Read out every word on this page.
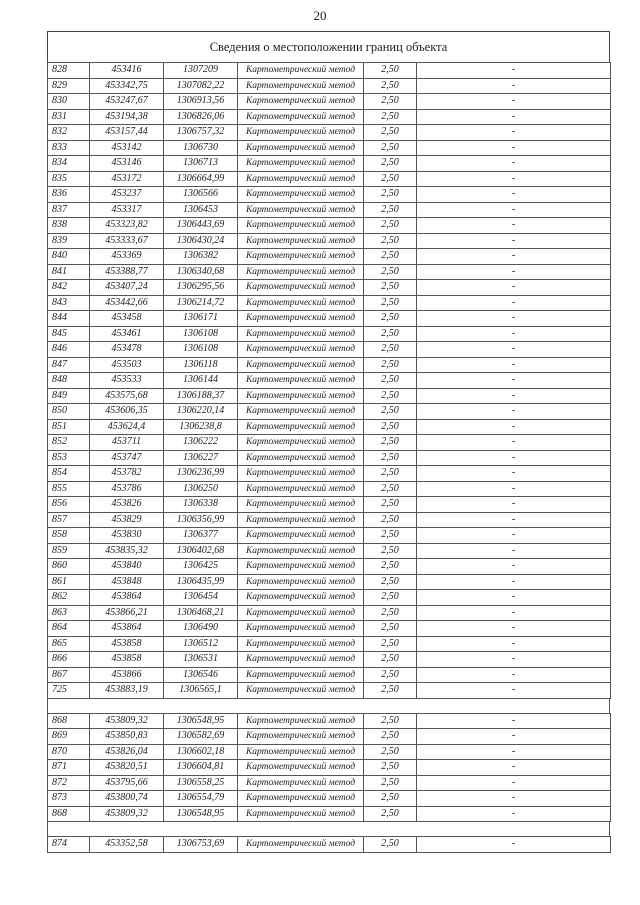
20
Сведения о местоположении границ объекта
828	453416	1307209	Картометрический метод	2,50	-
829	453342,75	1307082,22	Картометрический метод	2,50	-
830	453247,67	1306913,56	Картометрический метод	2,50	-
831	453194,38	1306826,06	Картометрический метод	2,50	-
832	453157,44	1306757,32	Картометрический метод	2,50	-
833	453142	1306730	Картометрический метод	2,50	-
834	453146	1306713	Картометрический метод	2,50	-
835	453172	1306664,99	Картометрический метод	2,50	-
836	453237	1306566	Картометрический метод	2,50	-
837	453317	1306453	Картометрический метод	2,50	-
838	453323,82	1306443,69	Картометрический метод	2,50	-
839	453333,67	1306430,24	Картометрический метод	2,50	-
840	453369	1306382	Картометрический метод	2,50	-
841	453388,77	1306340,68	Картометрический метод	2,50	-
842	453407,24	1306295,56	Картометрический метод	2,50	-
843	453442,66	1306214,72	Картометрический метод	2,50	-
844	453458	1306171	Картометрический метод	2,50	-
845	453461	1306108	Картометрический метод	2,50	-
846	453478	1306108	Картометрический метод	2,50	-
847	453503	1306118	Картометрический метод	2,50	-
848	453533	1306144	Картометрический метод	2,50	-
849	453575,68	1306188,37	Картометрический метод	2,50	-
850	453606,35	1306220,14	Картометрический метод	2,50	-
851	453624,4	1306238,8	Картометрический метод	2,50	-
852	453711	1306222	Картометрический метод	2,50	-
853	453747	1306227	Картометрический метод	2,50	-
854	453782	1306236,99	Картометрический метод	2,50	-
855	453786	1306250	Картометрический метод	2,50	-
856	453826	1306338	Картометрический метод	2,50	-
857	453829	1306356,99	Картометрический метод	2,50	-
858	453830	1306377	Картометрический метод	2,50	-
859	453835,32	1306402,68	Картометрический метод	2,50	-
860	453840	1306425	Картометрический метод	2,50	-
861	453848	1306435,99	Картометрический метод	2,50	-
862	453864	1306454	Картометрический метод	2,50	-
863	453866,21	1306468,21	Картометрический метод	2,50	-
864	453864	1306490	Картометрический метод	2,50	-
865	453858	1306512	Картометрический метод	2,50	-
866	453858	1306531	Картометрический метод	2,50	-
867	453866	1306546	Картометрический метод	2,50	-
725	453883,19	1306565,1	Картометрический метод	2,50	-
868	453809,32	1306548,95	Картометрический метод	2,50	-
869	453850,83	1306582,69	Картометрический метод	2,50	-
870	453826,04	1306602,18	Картометрический метод	2,50	-
871	453820,51	1306604,81	Картометрический метод	2,50	-
872	453795,66	1306558,25	Картометрический метод	2,50	-
873	453800,74	1306554,79	Картометрический метод	2,50	-
868	453809,32	1306548,95	Картометрический метод	2,50	-
874	453352,58	1306753,69	Картометрический метод	2,50	-
